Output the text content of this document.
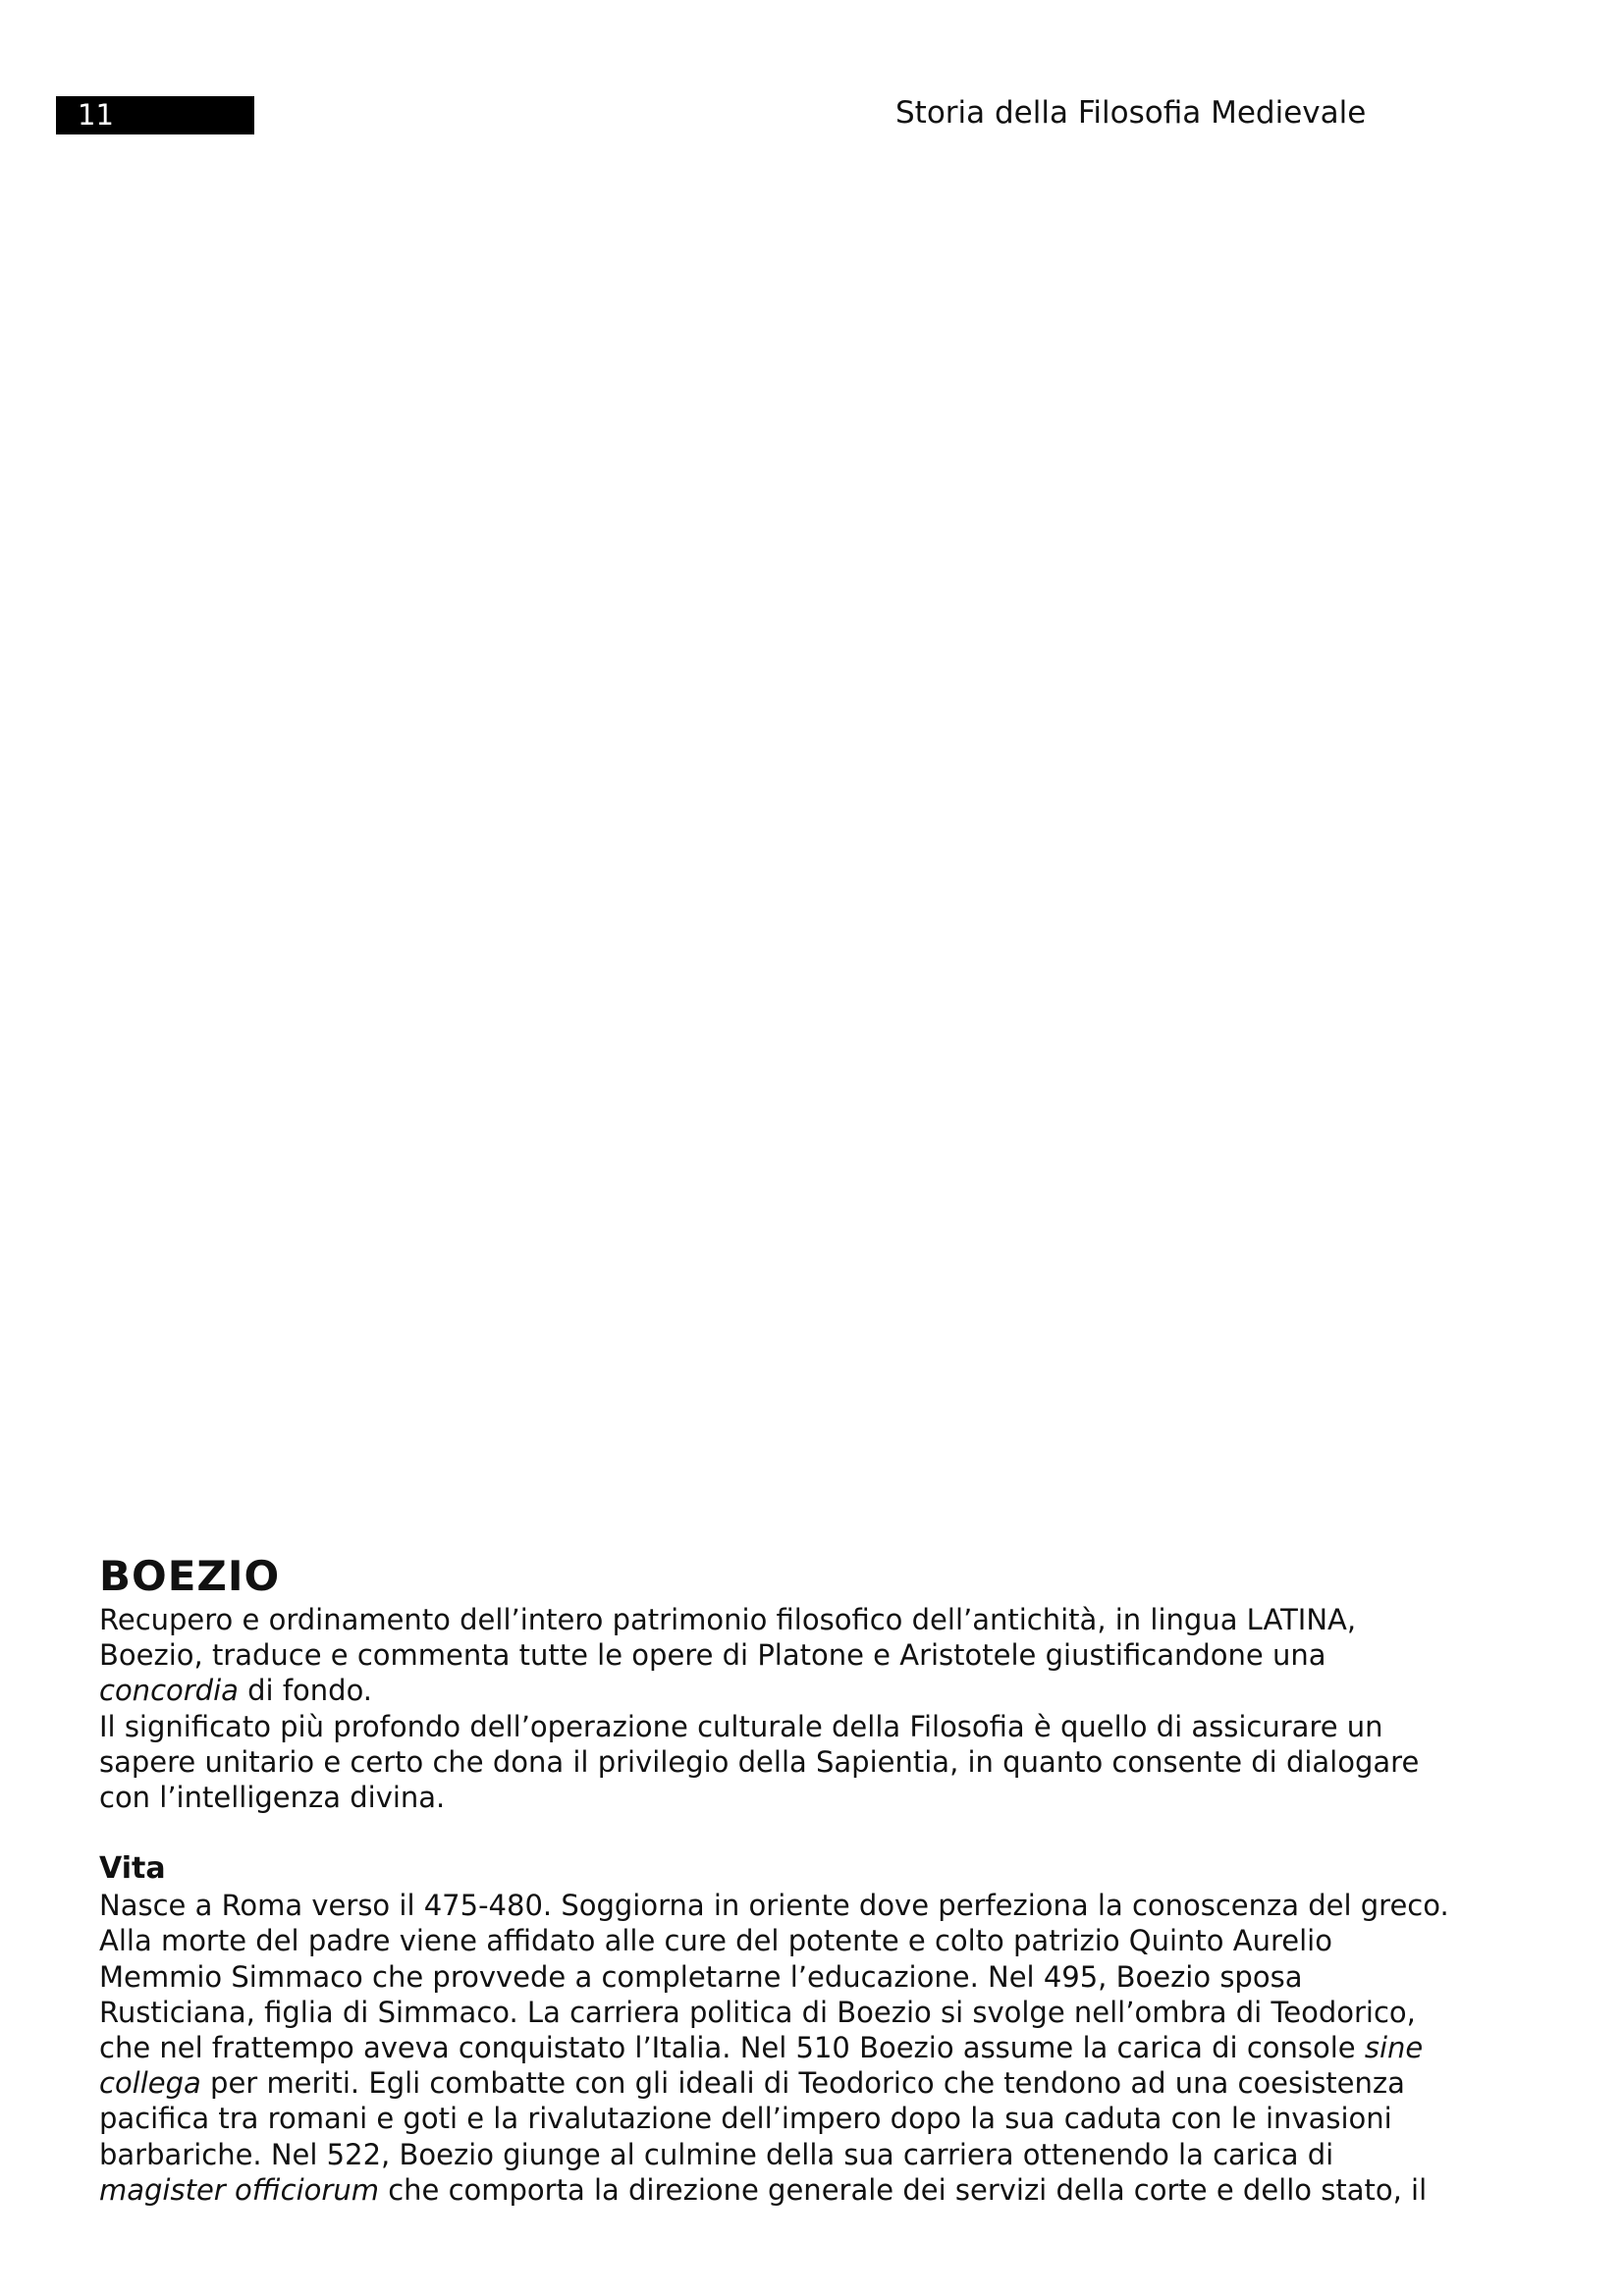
11	Storia della Filosofia Medievale
BOEZIO

Recupero e ordinamento dell’intero patrimonio filosofico dell’antichità, in lingua LATINA,
Boezio, traduce e commenta tutte le opere di Platone e Aristotele giustificandone una
concordia di fondo.

Il significato più profondo dell’operazione culturale della Filosofia è quello di assicurare un
sapere unitario e certo che dona il privilegio della Sapientia, in quanto consente di dialogare
con l’intelligenza divina.

Vita

Nasce a Roma verso il 475-480. Soggiorna in oriente dove perfeziona la conoscenza del greco.
Alla morte del padre viene affidato alle cure del potente e colto patrizio Quinto Aurelio
Memmio Simmaco che provvede a completarne l’educazione. Nel 495, Boezio sposa
Rusticiana, figlia di Simmaco. La carriera politica di Boezio si svolge nell’ombra di Teodorico,
che nel frattempo aveva conquistato l’Italia. Nel 510 Boezio assume la carica di console sine
collega per meriti. Egli combatte con gli ideali di Teodorico che tendono ad una coesistenza
pacifica tra romani e goti e la rivalutazione dell’impero dopo la sua caduta con le invasioni
barbariche. Nel 522, Boezio giunge al culmine della sua carriera ottenendo la carica di
magister officiorum che comporta la direzione generale dei servizi della corte e dello stato, il
